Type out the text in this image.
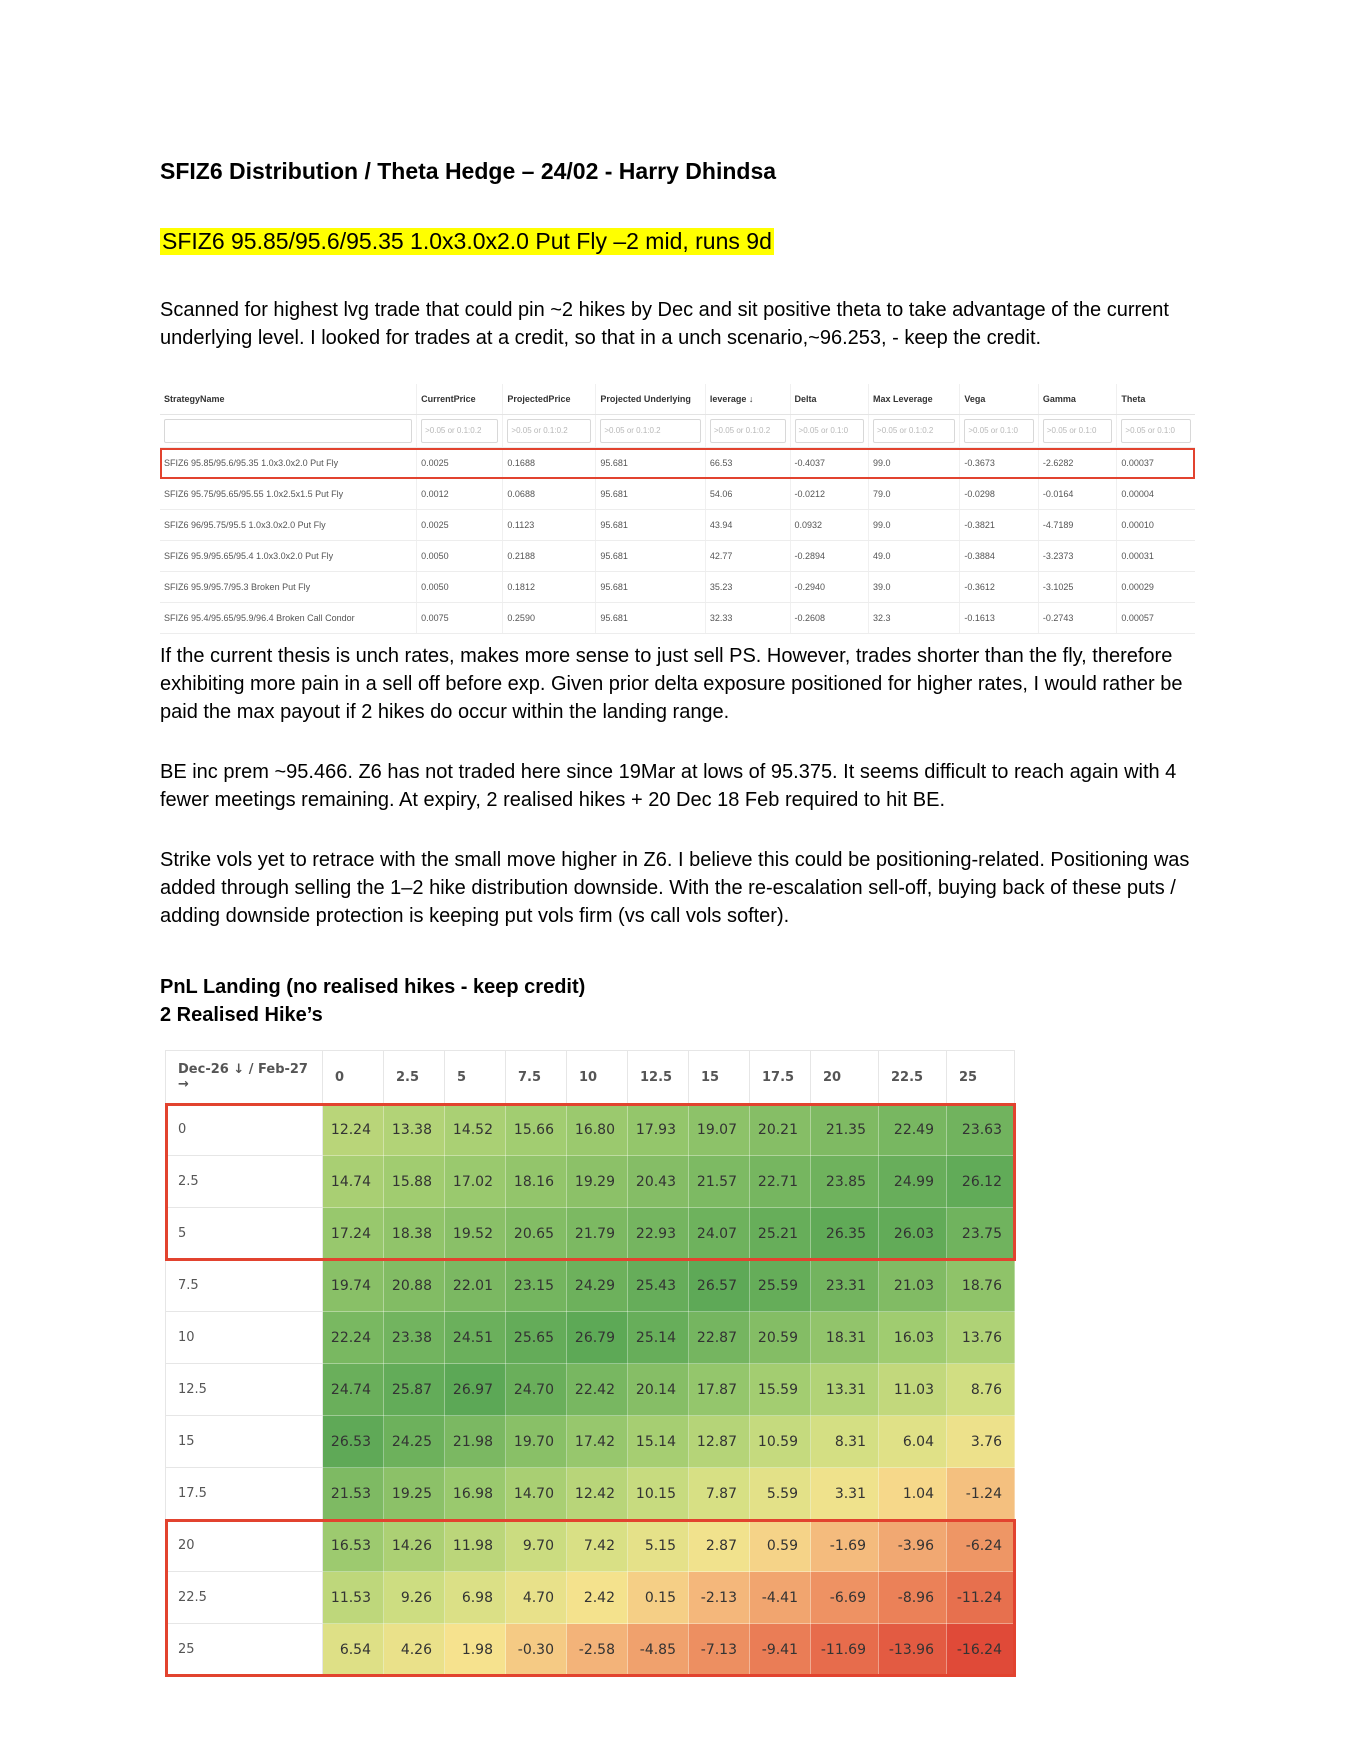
SFIZ6 Distribution / Theta Hedge – 24/02 - Harry Dhindsa
SFIZ6 95.85/95.6/95.35 1.0x3.0x2.0 Put Fly –2 mid, runs 9d

Scanned for highest lvg trade that could pin ~2 hikes by Dec and sit positive theta to take advantage of the current underlying level. I looked for trades at a credit, so that in a unch scenario,~96.253, - keep the credit.

StrategyName	CurrentPrice	ProjectedPrice	Projected Underlying	leverage ↓	Delta	Max Leverage	Vega	Gamma	Theta

	>0.05 or 0.1:0.2	>0.05 or 0.1:0.2	>0.05 or 0.1:0.2	>0.05 or 0.1:0.2	>0.05 or 0.1:0	>0.05 or 0.1:0.2	>0.05 or 0.1:0	>0.05 or 0.1:0	>0.05 or 0.1:0

SFIZ6 95.85/95.6/95.35 1.0x3.0x2.0 Put Fly	0.0025	0.1688	95.681	66.53	-0.4037	99.0	-0.3673	-2.6282	0.00037
SFIZ6 95.75/95.65/95.55 1.0x2.5x1.5 Put Fly	0.0012	0.0688	95.681	54.06	-0.0212	79.0	-0.0298	-0.0164	0.00004
SFIZ6 96/95.75/95.5 1.0x3.0x2.0 Put Fly	0.0025	0.1123	95.681	43.94	0.0932	99.0	-0.3821	-4.7189	0.00010
SFIZ6 95.9/95.65/95.4 1.0x3.0x2.0 Put Fly	0.0050	0.2188	95.681	42.77	-0.2894	49.0	-0.3884	-3.2373	0.00031
SFIZ6 95.9/95.7/95.3 Broken Put Fly	0.0050	0.1812	95.681	35.23	-0.2940	39.0	-0.3612	-3.1025	0.00029
SFIZ6 95.4/95.65/95.9/96.4 Broken Call Condor	0.0075	0.2590	95.681	32.33	-0.2608	32.3	-0.1613	-0.2743	0.00057

If the current thesis is unch rates, makes more sense to just sell PS. However, trades shorter than the fly, therefore exhibiting more pain in a sell off before exp. Given prior delta exposure positioned for higher rates, I would rather be paid the max payout if 2 hikes do occur within the landing range.

BE inc prem ~95.466. Z6 has not traded here since 19Mar at lows of 95.375. It seems difficult to reach again with 4 fewer meetings remaining. At expiry, 2 realised hikes + 20 Dec 18 Feb required to hit BE.

Strike vols yet to retrace with the small move higher in Z6. I believe this could be positioning-related. Positioning was added through selling the 1–2 hike distribution downside. With the re-escalation sell-off, buying back of these puts / adding downside protection is keeping put vols firm (vs call vols softer).

PnL Landing (no realised hikes - keep credit)
2 Realised Hike’s
Dec-26 ↓ / Feb-27 →	0	2.5	5	7.5	10	12.5	15	17.5	20	22.5	25
0	12.24	13.38	14.52	15.66	16.80	17.93	19.07	20.21	21.35	22.49	23.63
2.5	14.74	15.88	17.02	18.16	19.29	20.43	21.57	22.71	23.85	24.99	26.12
5	17.24	18.38	19.52	20.65	21.79	22.93	24.07	25.21	26.35	26.03	23.75
7.5	19.74	20.88	22.01	23.15	24.29	25.43	26.57	25.59	23.31	21.03	18.76
10	22.24	23.38	24.51	25.65	26.79	25.14	22.87	20.59	18.31	16.03	13.76
12.5	24.74	25.87	26.97	24.70	22.42	20.14	17.87	15.59	13.31	11.03	8.76
15	26.53	24.25	21.98	19.70	17.42	15.14	12.87	10.59	8.31	6.04	3.76
17.5	21.53	19.25	16.98	14.70	12.42	10.15	7.87	5.59	3.31	1.04	-1.24
20	16.53	14.26	11.98	9.70	7.42	5.15	2.87	0.59	-1.69	-3.96	-6.24
22.5	11.53	9.26	6.98	4.70	2.42	0.15	-2.13	-4.41	-6.69	-8.96	-11.24
25	6.54	4.26	1.98	-0.30	-2.58	-4.85	-7.13	-9.41	-11.69	-13.96	-16.24
